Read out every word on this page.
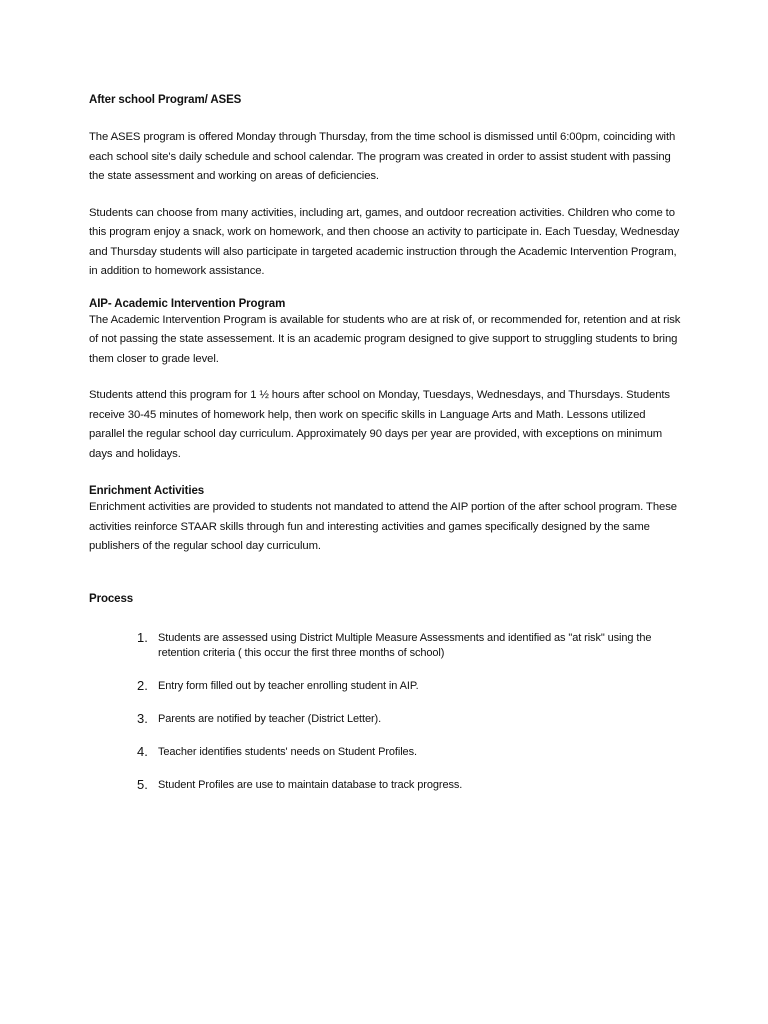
After school Program/ ASES

The ASES program is offered Monday through Thursday, from the time school is dismissed until 6:00pm, coinciding with each school site's daily schedule and school calendar. The program was created in order to assist student with passing the state assessment and working on areas of deficiencies.

Students can choose from many activities, including art, games, and outdoor recreation activities. Children who come to this program enjoy a snack, work on homework, and then choose an activity to participate in. Each Tuesday, Wednesday and Thursday students will also participate in targeted academic instruction through the Academic Intervention Program, in addition to homework assistance.

AIP- Academic Intervention Program

The Academic Intervention Program is available for students who are at risk of, or recommended for, retention and at risk of not passing the state assessement. It is an academic program designed to give support to struggling students to bring them closer to grade level.

Students attend this program for 1 ½ hours after school on Monday, Tuesdays, Wednesdays, and Thursdays. Students receive 30-45 minutes of homework help, then work on specific skills in Language Arts and Math. Lessons utilized parallel the regular school day curriculum. Approximately 90 days per year are provided, with exceptions on minimum days and holidays.

Enrichment Activities

Enrichment activities are provided to students not mandated to attend the AIP portion of the after school program. These activities reinforce STAAR skills through fun and interesting activities and games specifically designed by the same publishers of the regular school day curriculum.

Process
1. Students are assessed using District Multiple Measure Assessments and identified as "at risk" using the retention criteria ( this occur the first three months of school)
2. Entry form filled out by teacher enrolling student in AIP.
3. Parents are notified by teacher (District Letter).
4. Teacher identifies students' needs on Student Profiles.
5. Student Profiles are use to maintain database to track progress.
